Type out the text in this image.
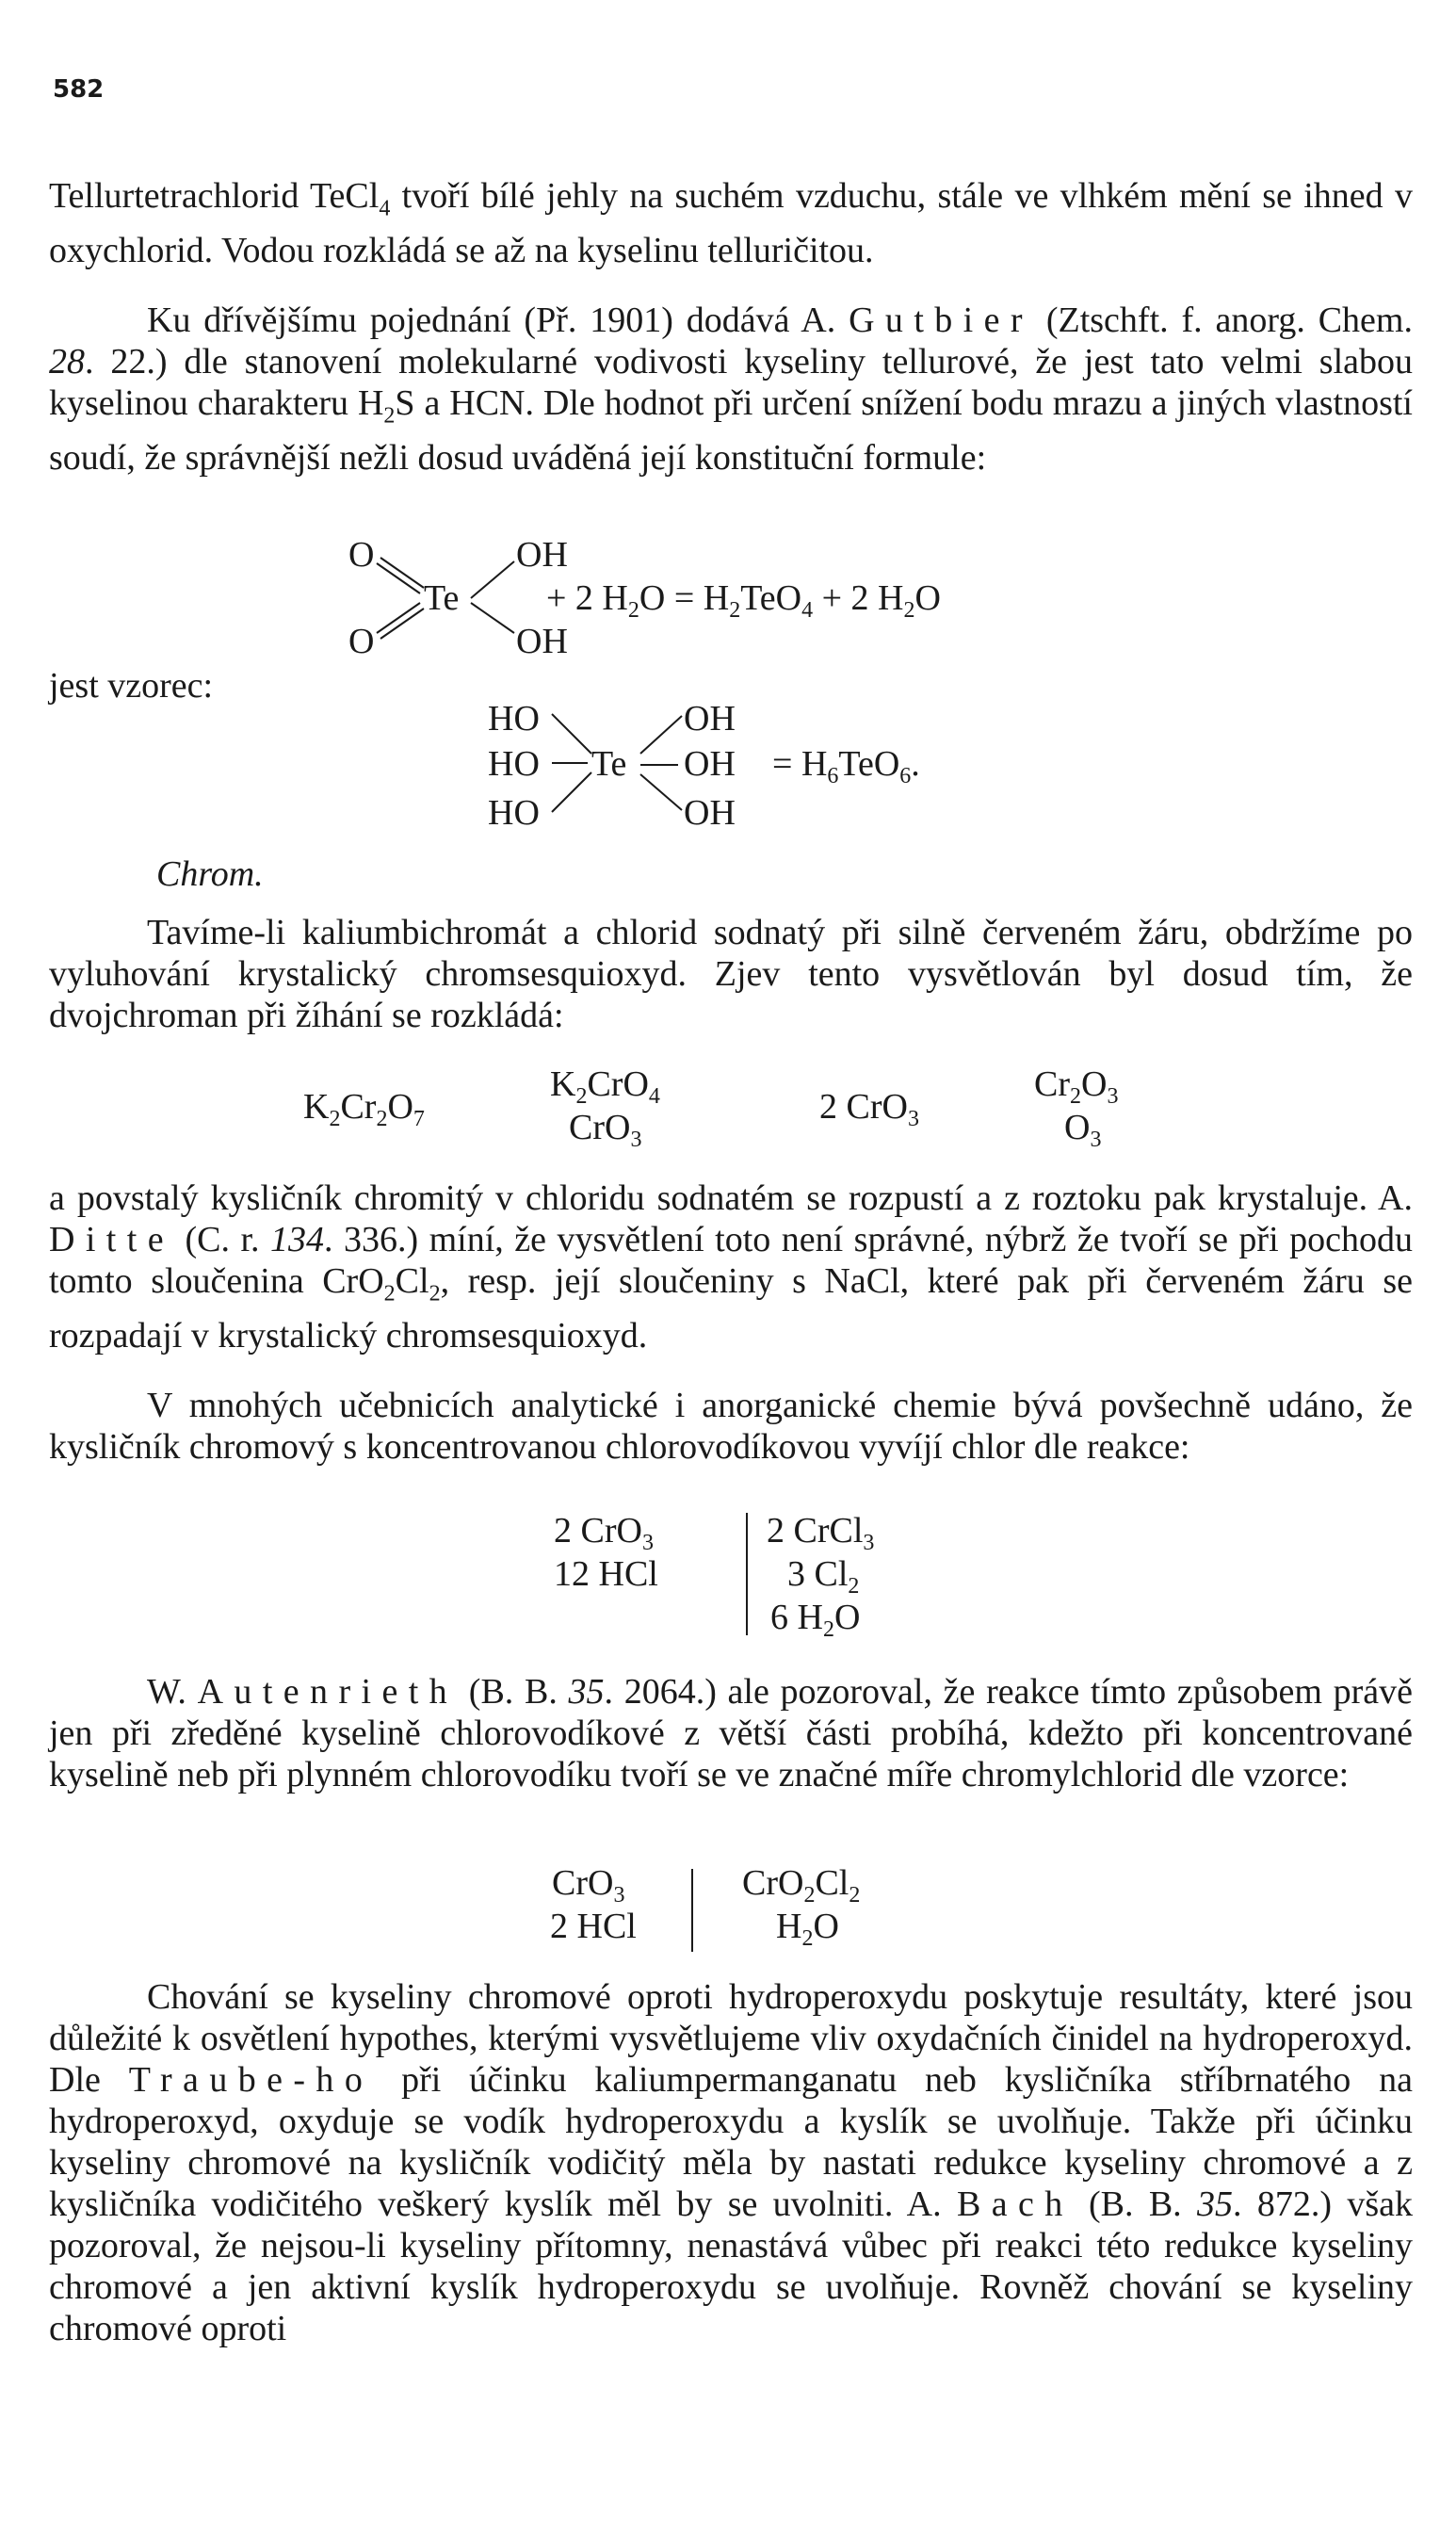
582
Tellurtetrachlorid TeCl$_4$ tvoří bílé jehly na suchém vzduchu, stále ve vlhkém mění se ihned v oxychlorid. Vodou rozkládá se až na kyselinu telluričitou.
Ku dřívějšímu pojednání (Př. 1901) dodává A. Gutbier (Ztschft. f. anorg. Chem. 28. 22.) dle stanovení molekularné vodivosti kyseliny tellurové, že jest tato velmi slabou kyselinou charakteru $H_2S$ a HCN. Dle hodnot při určení snížení bodu mrazu a jiných vlastností soudí, že správnější nežli dosud uváděná její konstituční formule:
O
O
Te
OH
OH
+ 2 $H_2O = H_2TeO_4 + 2$ $H_2O$
jest vzorec:
HO
HO
HO
Te
OH
OH
OH
= $H_6TeO_6$.
Chrom.
Tavíme-li kaliumbichromát a chlorid sodnatý při silně červeném žáru, obdržíme po vyluhování krystalický chromsesquioxyd. Zjev tento vysvětlován byl dosud tím, že dvojchroman při žíhání se rozkládá:
$K_2Cr_2O_7$
$K_2CrO_4$
CrO$_3$
2 CrO$_3$
$Cr_2O_3$
$O_3$
a povstalý kysličník chromitý v chloridu sodnatém se rozpustí a z roztoku pak krystaluje. A. Ditte (C. r. 134. 336.) míní, že vysvětlení toto není správné, nýbrž že tvoří se při pochodu tomto sloučenina $CrO_2Cl_2$, resp. její sloučeniny s NaCl, které pak při červeném žáru se rozpadají v krystalický chromsesquioxyd.
V mnohých učebnicích analytické i anorganické chemie bývá povšechně udáno, že kysličník chromový s koncentrovanou chlorovodíkovou vyvíjí chlor dle reakce:
2 CrO$_3$
12 HCl
2 CrCl$_3$
3 $Cl_2$
6 $H_2O$
W. Autenrieth (B. B. 35. 2064.) ale pozoroval, že reakce tímto způsobem právě jen při zředěné kyselině chlorovodíkové z větší části probíhá, kdežto při koncentrované kyselině neb při plynném chlorovodíku tvoří se ve značné míře chromylchlorid dle vzorce:
CrO$_3$
2 HCl
$CrO_2Cl_2$
$H_2O$
Chování se kyseliny chromové oproti hydroperoxydu poskytuje resultáty, které jsou důležité k osvětlení hypothes, kterými vysvětlujeme vliv oxydačních činidel na hydroperoxyd. Dle Traube-ho při účinku kaliumpermanganatu neb kysličníka stříbrnatého na hydroperoxyd, oxyduje se vodík hydroperoxydu a kyslík se uvolňuje. Takže při účinku kyseliny chromové na kysličník vodičitý měla by nastati redukce kyseliny chromové a z kysličníka vodičitého veškerý kyslík měl by se uvolniti. A. Bach (B. B. 35. 872.) však pozoroval, že nejsou-li kyseliny přítomny, nenastává vůbec při reakci této redukce kyseliny chromové a jen aktivní kyslík hydroperoxydu se uvolňuje. Rovněž chování se kyseliny chromové oproti
